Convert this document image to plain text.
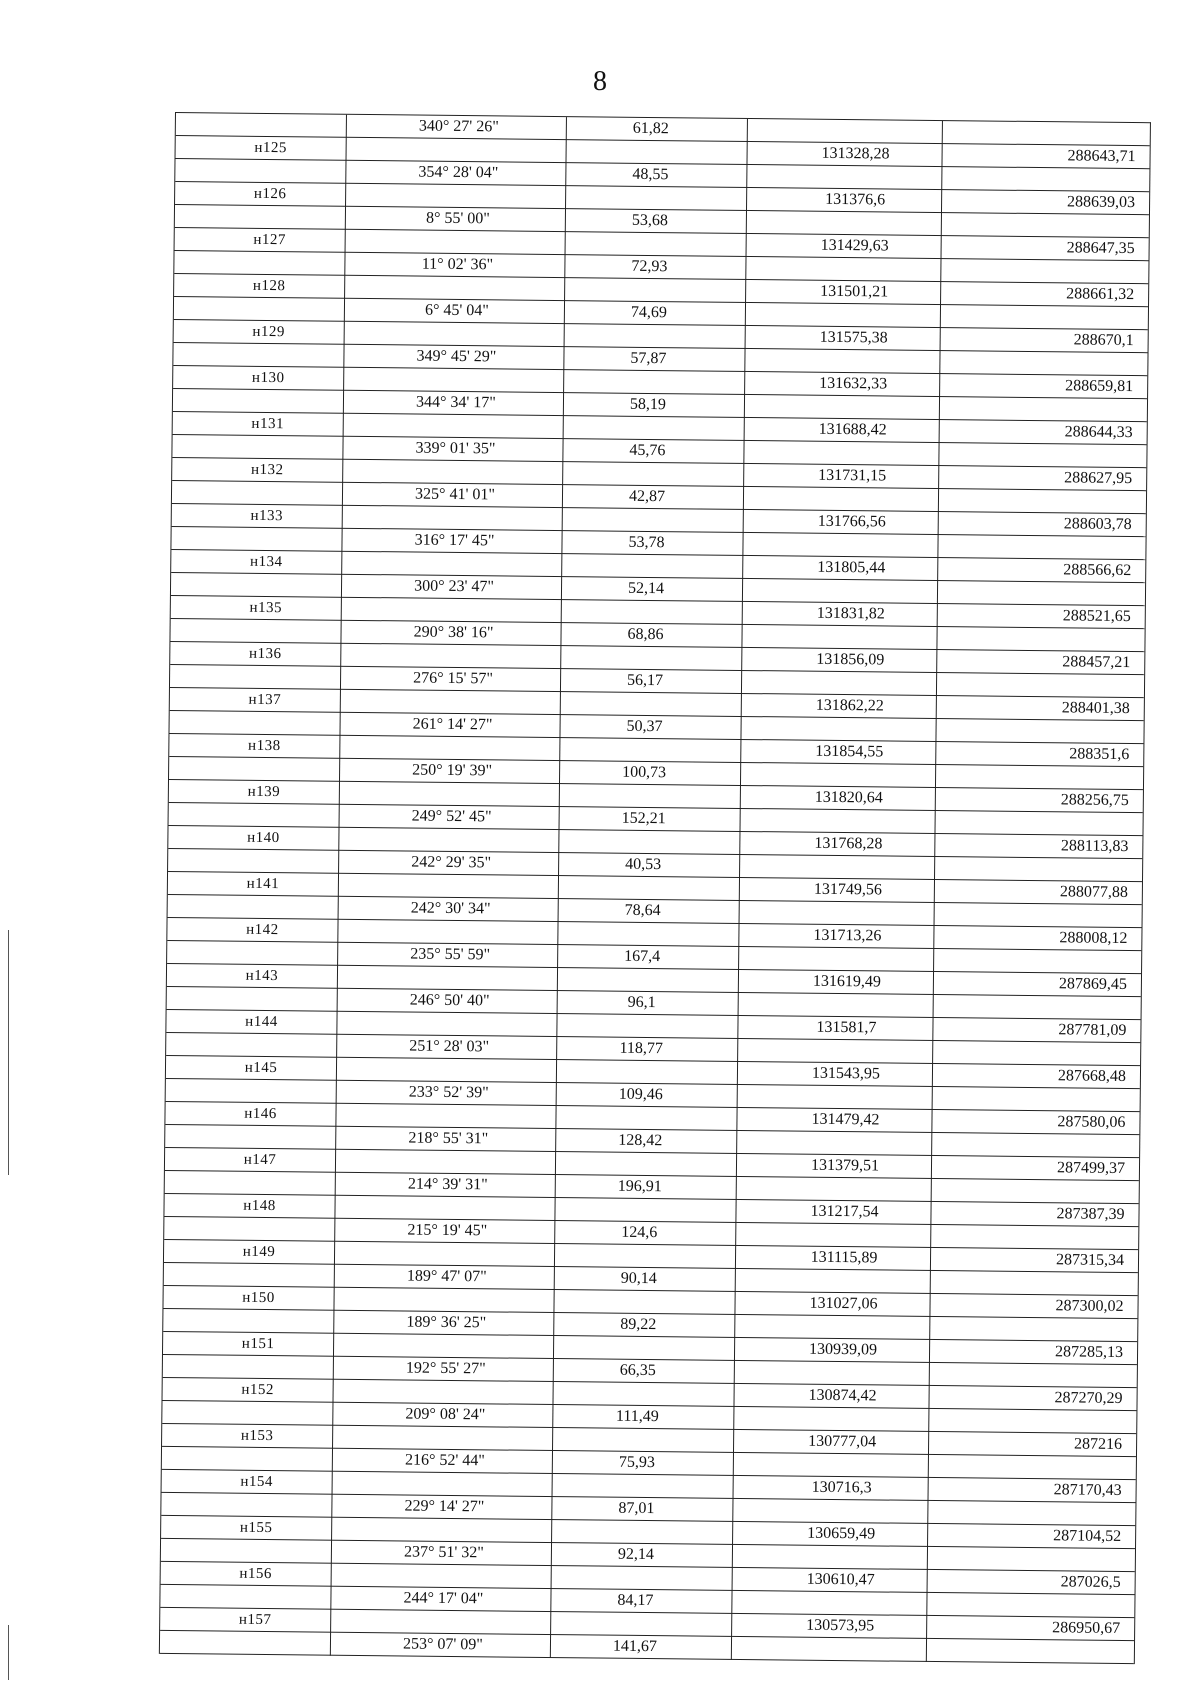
8
340° 27' 26"	61,82
н125	131328,28	288643,71
354° 28' 04"	48,55
н126	131376,6	288639,03
8° 55' 00"	53,68
н127	131429,63	288647,35
11° 02' 36"	72,93
н128	131501,21	288661,32
6° 45' 04"	74,69
н129	131575,38	288670,1
349° 45' 29"	57,87
н130	131632,33	288659,81
344° 34' 17"	58,19
н131	131688,42	288644,33
339° 01' 35"	45,76
н132	131731,15	288627,95
325° 41' 01"	42,87
н133	131766,56	288603,78
316° 17' 45"	53,78
н134	131805,44	288566,62
300° 23' 47"	52,14
н135	131831,82	288521,65
290° 38' 16"	68,86
н136	131856,09	288457,21
276° 15' 57"	56,17
н137	131862,22	288401,38
261° 14' 27"	50,37
н138	131854,55	288351,6
250° 19' 39"	100,73
н139	131820,64	288256,75
249° 52' 45"	152,21
н140	131768,28	288113,83
242° 29' 35"	40,53
н141	131749,56	288077,88
242° 30' 34"	78,64
н142	131713,26	288008,12
235° 55' 59"	167,4
н143	131619,49	287869,45
246° 50' 40"	96,1
н144	131581,7	287781,09
251° 28' 03"	118,77
н145	131543,95	287668,48
233° 52' 39"	109,46
н146	131479,42	287580,06
218° 55' 31"	128,42
н147	131379,51	287499,37
214° 39' 31"	196,91
н148	131217,54	287387,39
215° 19' 45"	124,6
н149	131115,89	287315,34
189° 47' 07"	90,14
н150	131027,06	287300,02
189° 36' 25"	89,22
н151	130939,09	287285,13
192° 55' 27"	66,35
н152	130874,42	287270,29
209° 08' 24"	111,49
н153	130777,04	287216
216° 52' 44"	75,93
н154	130716,3	287170,43
229° 14' 27"	87,01
н155	130659,49	287104,52
237° 51' 32"	92,14
н156	130610,47	287026,5
244° 17' 04"	84,17
н157	130573,95	286950,67
253° 07' 09"	141,67
